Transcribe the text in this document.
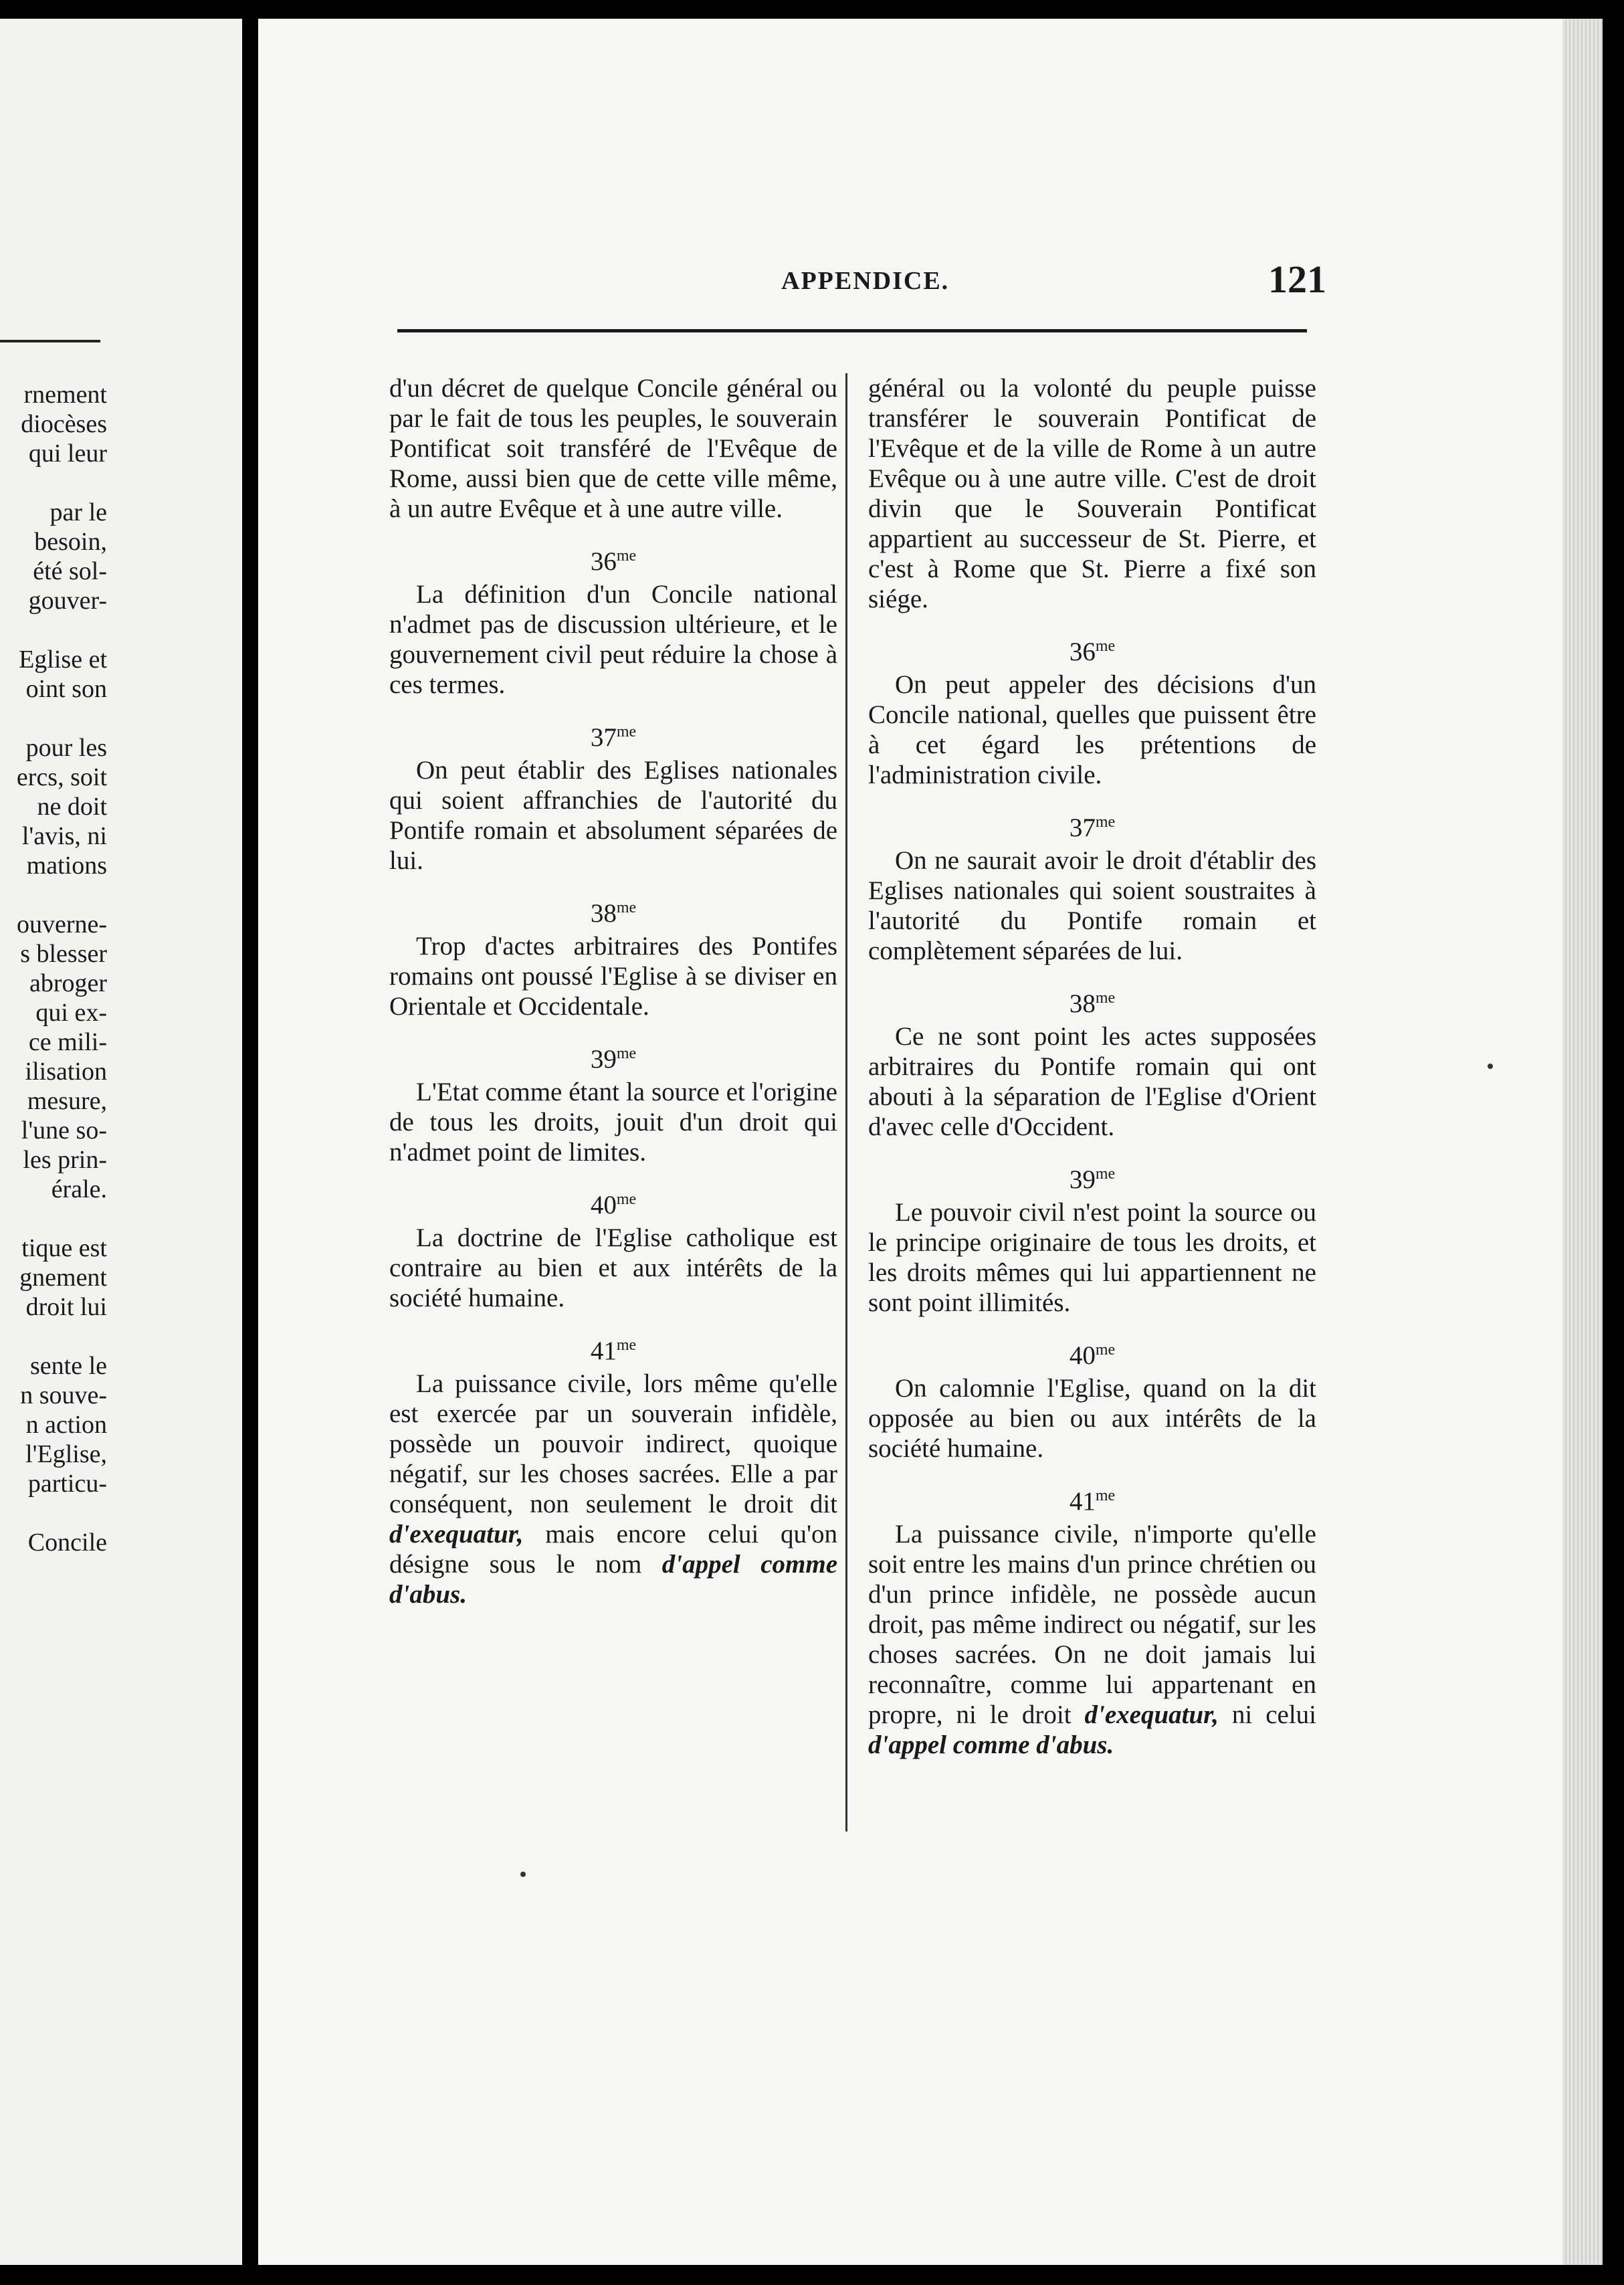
rnement
diocèses
qui leur
par le
besoin,
été sol-
gouver-
Eglise et
oint son
pour les
ercs, soit
ne doit
l'avis, ni
mations
ouverne-
s blesser
abroger
qui ex-
ce mili-
ilisation
mesure,
l'une so-
les prin-
érale.
tique est
gnement
droit lui
sente le
n souve-
n action
l'Eglise,
particu-
Concile
APPENDICE.	121

d'un décret de quelque Concile général ou par le fait de tous les peuples, le souverain Pontificat soit transféré de l'Evêque de Rome, aussi bien que de cette ville même, à un autre Evêque et à une autre ville.

$36^{me}$

La définition d'un Concile national n'admet pas de discussion ultérieure, et le gouvernement civil peut réduire la chose à ces termes.

$37^{me}$

On peut établir des Eglises nationales qui soient affranchies de l'autorité du Pontife romain et absolument séparées de lui.

$38^{me}$

Trop d'actes arbitraires des Pontifes romains ont poussé l'Eglise à se diviser en Orientale et Occidentale.

$39^{me}$

L'Etat comme étant la source et l'origine de tous les droits, jouit d'un droit qui n'admet point de limites.

$40^{me}$

La doctrine de l'Eglise catholique est contraire au bien et aux intérêts de la société humaine.

$41^{me}$

La puissance civile, lors même qu'elle est exercée par un souverain infidèle, possède un pouvoir indirect, quoique négatif, sur les choses sacrées. Elle a par conséquent, non seulement le droit dit d'exequatur, mais encore celui qu'on désigne sous le nom d'appel comme d'abus.

général ou la volonté du peuple puisse transférer le souverain Pontificat de l'Evêque et de la ville de Rome à un autre Evêque ou à une autre ville. C'est de droit divin que le Souverain Pontificat appartient au successeur de St. Pierre, et c'est à Rome que St. Pierre a fixé son siége.

$36^{me}$

On peut appeler des décisions d'un Concile national, quelles que puissent être à cet égard les prétentions de l'administration civile.

$37^{me}$

On ne saurait avoir le droit d'établir des Eglises nationales qui soient soustraites à l'autorité du Pontife romain et complètement séparées de lui.

$38^{me}$

Ce ne sont point les actes supposées arbitraires du Pontife romain qui ont abouti à la séparation de l'Eglise d'Orient d'avec celle d'Occident.

$39^{me}$

Le pouvoir civil n'est point la source ou le principe originaire de tous les droits, et les droits mêmes qui lui appartiennent ne sont point illimités.

$40^{me}$

On calomnie l'Eglise, quand on la dit opposée au bien ou aux intérêts de la société humaine.

$41^{me}$

La puissance civile, n'importe qu'elle soit entre les mains d'un prince chrétien ou d'un prince infidèle, ne possède aucun droit, pas même indirect ou négatif, sur les choses sacrées. On ne doit jamais lui reconnaître, comme lui appartenant en propre, ni le droit d'exequatur, ni celui d'appel comme d'abus.
